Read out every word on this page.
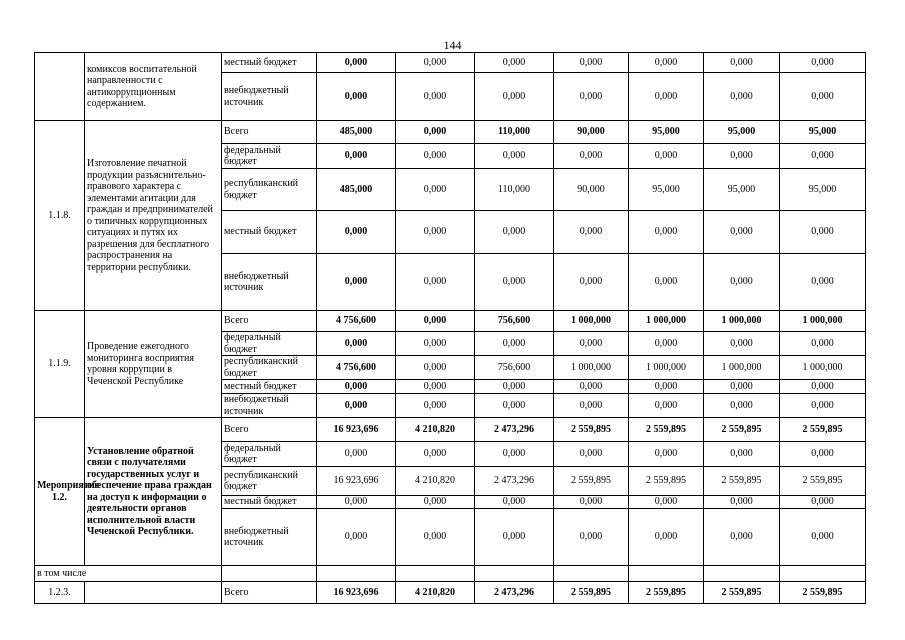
144
	комиксов воспитательной направленности с антикоррупционным содержанием.	местный бюджет	0,000	0,000	0,000	0,000	0,000	0,000	0,000
		внебюджетный источник	0,000	0,000	0,000	0,000	0,000	0,000	0,000
1.1.8.	Изготовление печатной продукции разъяснительно-правового характера с элементами агитации для граждан и предпринимателей о типичных коррупционных ситуациях и путях их разрешения для бесплатного распространения на территории республики.	Всего	485,000	0,000	110,000	90,000	95,000	95,000	95,000
		федеральный бюджет	0,000	0,000	0,000	0,000	0,000	0,000	0,000
		республиканский бюджет	485,000	0,000	110,000	90,000	95,000	95,000	95,000
		местный бюджет	0,000	0,000	0,000	0,000	0,000	0,000	0,000
		внебюджетный источник	0,000	0,000	0,000	0,000	0,000	0,000	0,000
1.1.9.	Проведение ежегодного мониторинга восприятия уровня коррупции в Чеченской Республике	Всего	4 756,600	0,000	756,600	1 000,000	1 000,000	1 000,000	1 000,000
		федеральный бюджет	0,000	0,000	0,000	0,000	0,000	0,000	0,000
		республиканский бюджет	4 756,600	0,000	756,600	1 000,000	1 000,000	1 000,000	1 000,000
		местный бюджет	0,000	0,000	0,000	0,000	0,000	0,000	0,000
		внебюджетный источник	0,000	0,000	0,000	0,000	0,000	0,000	0,000
Мероприятие 1.2.	Установление обратной связи с получателями государственных услуг и обеспечение права граждан на доступ к информации о деятельности органов исполнительной власти Чеченской Республики.	Всего	16 923,696	4 210,820	2 473,296	2 559,895	2 559,895	2 559,895	2 559,895
		федеральный бюджет	0,000	0,000	0,000	0,000	0,000	0,000	0,000
		республиканский бюджет	16 923,696	4 210,820	2 473,296	2 559,895	2 559,895	2 559,895	2 559,895
		местный бюджет	0,000	0,000	0,000	0,000	0,000	0,000	0,000
		внебюджетный источник	0,000	0,000	0,000	0,000	0,000	0,000	0,000
в том числе									
1.2.3.		Всего	16 923,696	4 210,820	2 473,296	2 559,895	2 559,895	2 559,895	2 559,895
